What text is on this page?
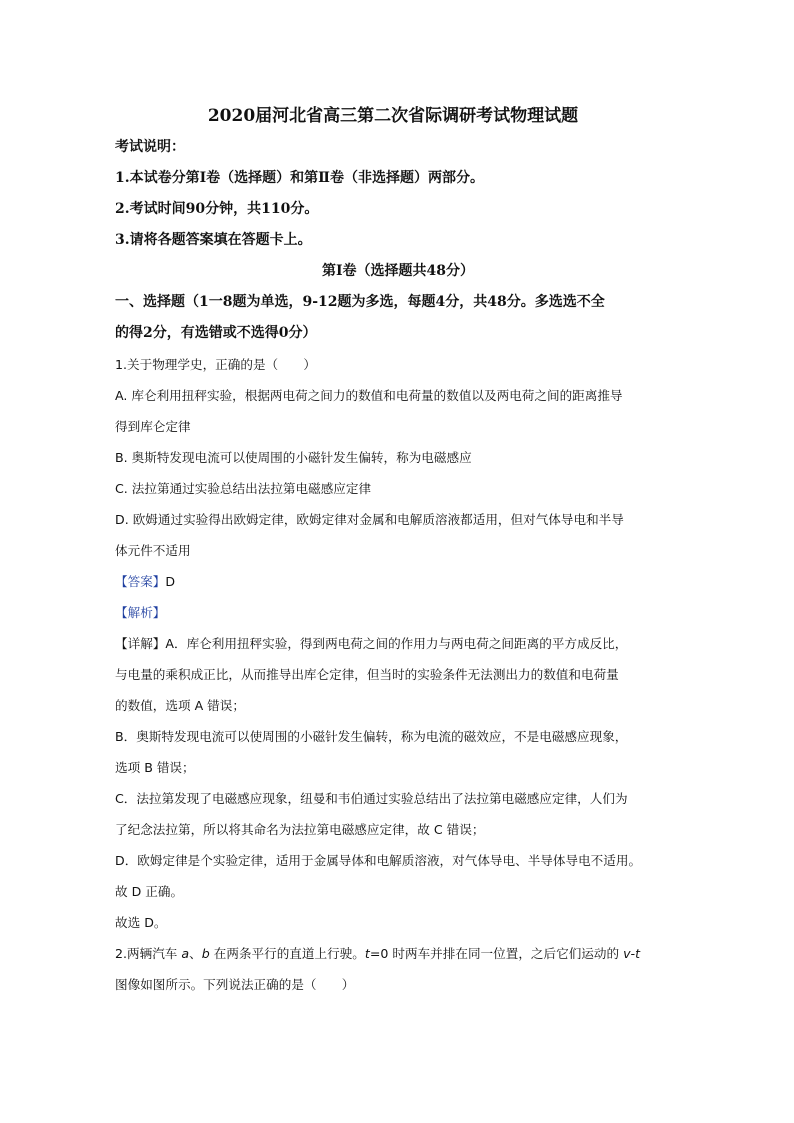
2020届河北省高三第二次省际调研考试物理试题
考试说明：
1.本试卷分第Ⅰ卷（选择题）和第Ⅱ卷（非选择题）两部分。
2.考试时间90分钟，共110分。
3.请将各题答案填在答题卡上。
第Ⅰ卷（选择题共48分）
一、选择题（1一8题为单选，9-12题为多选，每题4分，共48分。多选选不全
的得2分，有选错或不选得0分）
1.关于物理学史，正确的是（　　）
A. 库仑利用扭秤实验，根据两电荷之间力的数值和电荷量的数值以及两电荷之间的距离推导
得到库仑定律
B. 奥斯特发现电流可以使周围的小磁针发生偏转，称为电磁感应
C. 法拉第通过实验总结出法拉第电磁感应定律
D. 欧姆通过实验得出欧姆定律，欧姆定律对金属和电解质溶液都适用，但对气体导电和半导
体元件不适用
【答案】D
【解析】
【详解】A．库仑利用扭秤实验，得到两电荷之间的作用力与两电荷之间距离的平方成反比，
与电量的乘积成正比，从而推导出库仑定律，但当时的实验条件无法测出力的数值和电荷量
的数值，选项 A 错误；
B．奥斯特发现电流可以使周围的小磁针发生偏转，称为电流的磁效应，不是电磁感应现象，
选项 B 错误；
C．法拉第发现了电磁感应现象，纽曼和韦伯通过实验总结出了法拉第电磁感应定律，人们为
了纪念法拉第，所以将其命名为法拉第电磁感应定律，故 C 错误；
D．欧姆定律是个实验定律，适用于金属导体和电解质溶液，对气体导电、半导体导电不适用。
故 D 正确。
故选 D。
2.两辆汽车 a、b 在两条平行的直道上行驶。t=0 时两车并排在同一位置，之后它们运动的 v-t
图像如图所示。下列说法正确的是（　　）
